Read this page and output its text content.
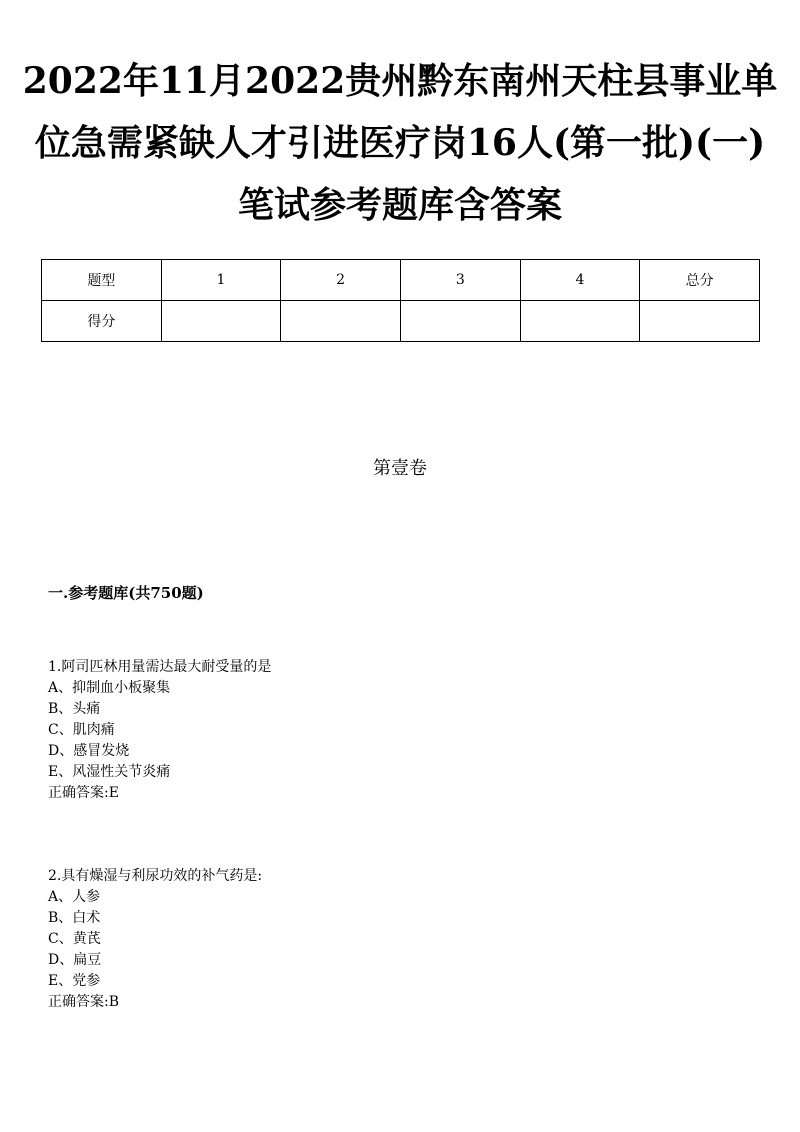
2022年11月2022贵州黔东南州天柱县事业单
位急需紧缺人才引进医疗岗16人(第一批)(一)
笔试参考题库含答案
题型	1	2	3	4	总分
得分					
第壹卷
一.参考题库(共750题)
1.阿司匹林用量需达最大耐受量的是
A、抑制血小板聚集
B、头痛
C、肌肉痛
D、感冒发烧
E、风湿性关节炎痛
正确答案:E
2.具有燥湿与利尿功效的补气药是:
A、人参
B、白术
C、黄芪
D、扁豆
E、党参
正确答案:B
